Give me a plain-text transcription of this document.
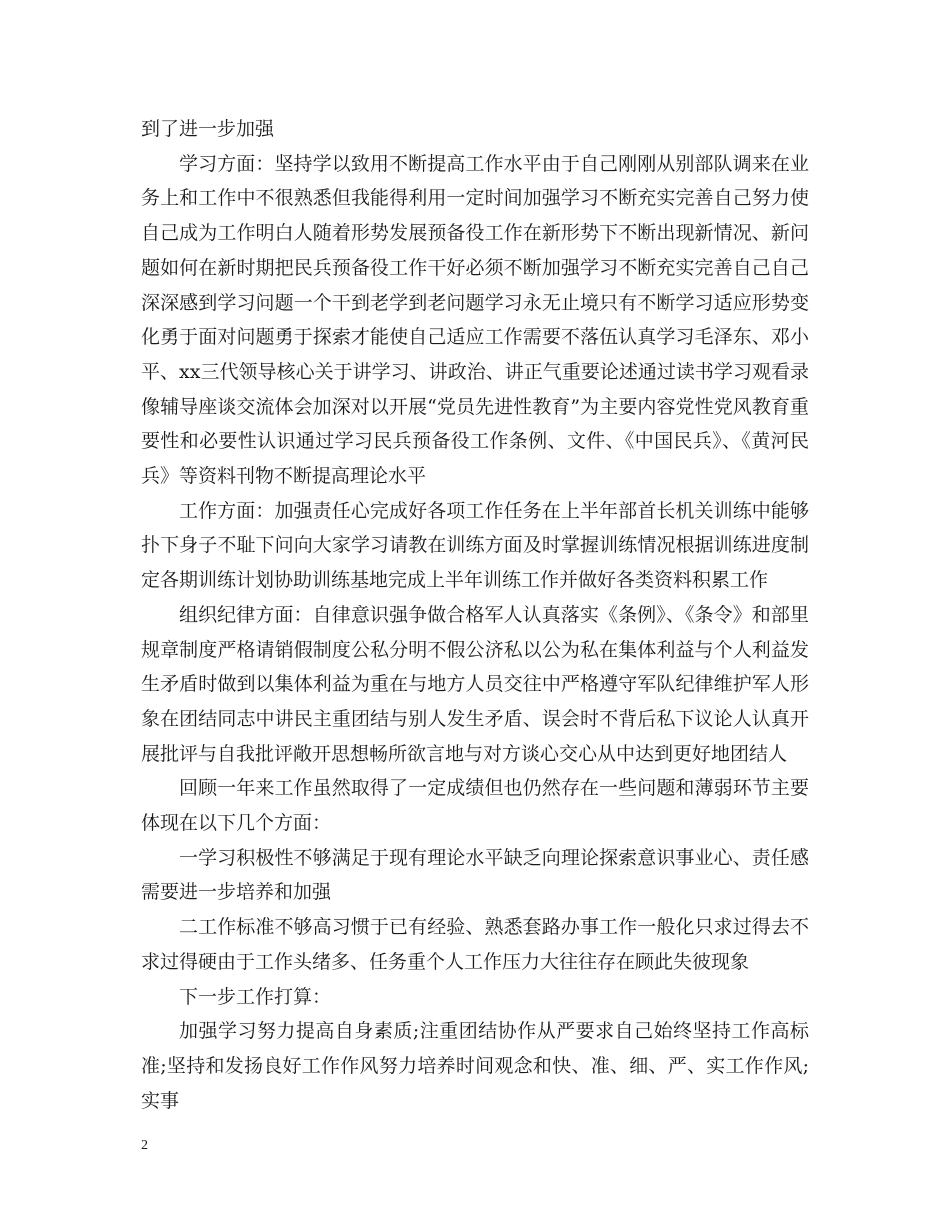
到了进一步加强

学习方面：坚持学以致用不断提高工作水平由于自己刚刚从别部队调来在业务上和工作中不很熟悉但我能得利用一定时间加强学习不断充实完善自己努力使自己成为工作明白人随着形势发展预备役工作在新形势下不断出现新情况、新问题如何在新时期把民兵预备役工作干好必须不断加强学习不断充实完善自己自己深深感到学习问题一个干到老学到老问题学习永无止境只有不断学习适应形势变化勇于面对问题勇于探索才能使自己适应工作需要不落伍认真学习毛泽东、邓小平、xx三代领导核心关于讲学习、讲政治、讲正气重要论述通过读书学习观看录像辅导座谈交流体会加深对以开展“党员先进性教育”为主要内容党性党风教育重要性和必要性认识通过学习民兵预备役工作条例、文件、《中国民兵》、《黄河民兵》等资料刊物不断提高理论水平

工作方面：加强责任心完成好各项工作任务在上半年部首长机关训练中能够扑下身子不耻下问向大家学习请教在训练方面及时掌握训练情况根据训练进度制定各期训练计划协助训练基地完成上半年训练工作并做好各类资料积累工作

组织纪律方面：自律意识强争做合格军人认真落实《条例》、《条令》和部里规章制度严格请销假制度公私分明不假公济私以公为私在集体利益与个人利益发生矛盾时做到以集体利益为重在与地方人员交往中严格遵守军队纪律维护军人形象在团结同志中讲民主重团结与别人发生矛盾、误会时不背后私下议论人认真开展批评与自我批评敞开思想畅所欲言地与对方谈心交心从中达到更好地团结人

回顾一年来工作虽然取得了一定成绩但也仍然存在一些问题和薄弱环节主要体现在以下几个方面：

一学习积极性不够满足于现有理论水平缺乏向理论探索意识事业心、责任感需要进一步培养和加强

二工作标准不够高习惯于已有经验、熟悉套路办事工作一般化只求过得去不求过得硬由于工作头绪多、任务重个人工作压力大往往存在顾此失彼现象

下一步工作打算：

加强学习努力提高自身素质;注重团结协作从严要求自己始终坚持工作高标准;坚持和发扬良好工作作风努力培养时间观念和快、准、细、严、实工作作风;实事

2
